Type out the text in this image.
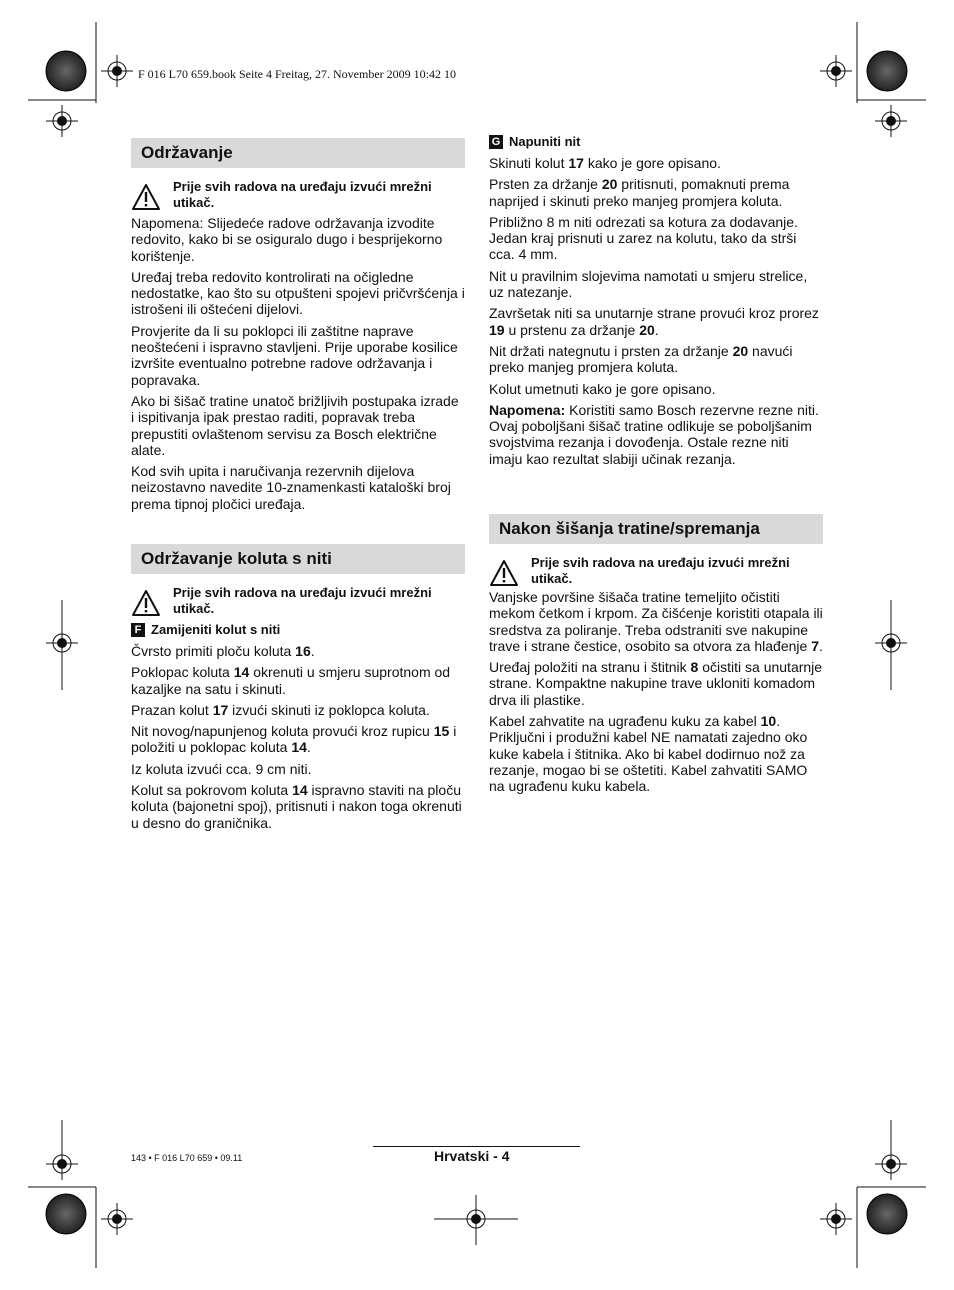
F 016 L70 659.book Seite 4 Freitag, 27. November 2009 10:42 10
Održavanje
Prije svih radova na uređaju izvući mrežni utikač.

Napomena: Slijedeće radove održavanja izvodite redovito, kako bi se osiguralo dugo i besprijekorno korištenje.

Uređaj treba redovito kontrolirati na očigledne nedostatke, kao što su otpušteni spojevi pričvršćenja i istrošeni ili oštećeni dijelovi.

Provjerite da li su poklopci ili zaštitne naprave neoštećeni i ispravno stavljeni. Prije uporabe kosilice izvršite eventualno potrebne radove održavanja i popravaka.

Ako bi šišač tratine unatoč brižljivih postupaka izrade i ispitivanja ipak prestao raditi, popravak treba prepustiti ovlaštenom servisu za Bosch električne alate.

Kod svih upita i naručivanja rezervnih dijelova neizostavno navedite 10-znamenkasti kataloški broj prema tipnoj pločici uređaja.

Održavanje koluta s niti
Prije svih radova na uređaju izvući mrežni utikač.
F Zamijeniti kolut s niti

Čvrsto primiti ploču koluta 16.

Poklopac koluta 14 okrenuti u smjeru suprotnom od kazaljke na satu i skinuti.

Prazan kolut 17 izvući skinuti iz poklopca koluta.

Nit novog/napunjenog koluta provući kroz rupicu 15 i položiti u poklopac koluta 14.

Iz koluta izvući cca. 9 cm niti.

Kolut sa pokrovom koluta 14 ispravno staviti na ploču koluta (bajonetni spoj), pritisnuti i nakon toga okrenuti u desno do graničnika.

G Napuniti nit

Skinuti kolut 17 kako je gore opisano.

Prsten za držanje 20 pritisnuti, pomaknuti prema naprijed i skinuti preko manjeg promjera koluta.

Približno 8 m niti odrezati sa kotura za dodavanje. Jedan kraj prisnuti u zarez na kolutu, tako da strši cca. 4 mm.

Nit u pravilnim slojevima namotati u smjeru strelice, uz natezanje.

Završetak niti sa unutarnje strane provući kroz prorez 19 u prstenu za držanje 20.

Nit držati nategnutu i prsten za držanje 20 navući preko manjeg promjera koluta.

Kolut umetnuti kako je gore opisano.

Napomena: Koristiti samo Bosch rezervne rezne niti. Ovaj poboljšani šišač tratine odlikuje se poboljšanim svojstvima rezanja i dovođenja. Ostale rezne niti imaju kao rezultat slabiji učinak rezanja.

Nakon šišanja tratine/spremanja
Prije svih radova na uređaju izvući mrežni utikač.

Vanjske površine šišača tratine temeljito očistiti mekom četkom i krpom. Za čišćenje koristiti otapala ili sredstva za poliranje. Treba odstraniti sve nakupine trave i strane čestice, osobito sa otvora za hlađenje 7.

Uređaj položiti na stranu i štitnik 8 očistiti sa unutarnje strane. Kompaktne nakupine trave ukloniti komadom drva ili plastike.

Kabel zahvatite na ugrađenu kuku za kabel 10. Priključni i produžni kabel NE namatati zajedno oko kuke kabela i štitnika. Ako bi kabel dodirnuo nož za rezanje, mogao bi se oštetiti. Kabel zahvatiti SAMO na ugrađenu kuku kabela.

143 • F 016 L70 659 • 09.11	Hrvatski - 4
